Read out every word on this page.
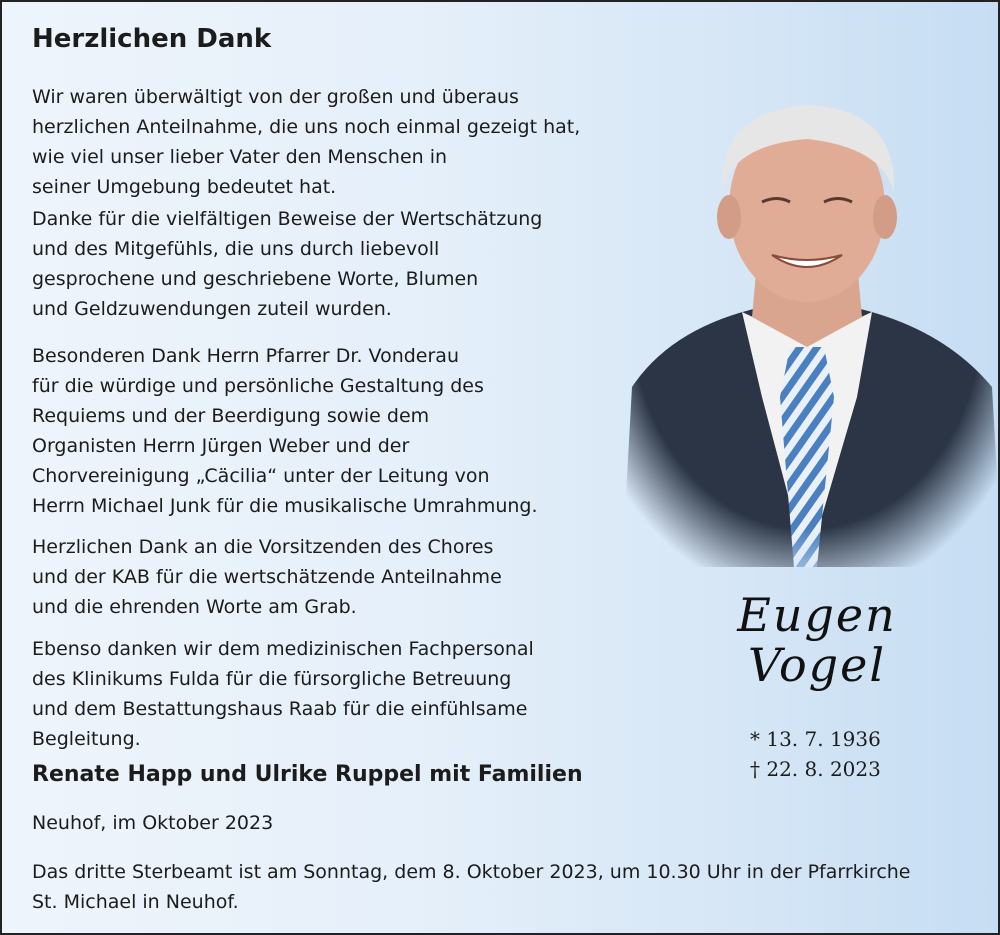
Herzlichen Dank
Wir waren überwältigt von der großen und überaus
herzlichen Anteilnahme, die uns noch einmal gezeigt hat,
wie viel unser lieber Vater den Menschen in
seiner Umgebung bedeutet hat.
Danke für die vielfältigen Beweise der Wertschätzung
und des Mitgefühls, die uns durch liebevoll
gesprochene und geschriebene Worte, Blumen
und Geldzuwendungen zuteil wurden.
Besonderen Dank Herrn Pfarrer Dr. Vonderau
für die würdige und persönliche Gestaltung des
Requiems und der Beerdigung sowie dem
Organisten Herrn Jürgen Weber und der
Chorvereinigung „Cäcilia“ unter der Leitung von
Herrn Michael Junk für die musikalische Umrahmung.
Herzlichen Dank an die Vorsitzenden des Chores
und der KAB für die wertschätzende Anteilnahme
und die ehrenden Worte am Grab.
Ebenso danken wir dem medizinischen Fachpersonal
des Klinikums Fulda für die fürsorgliche Betreuung
und dem Bestattungshaus Raab für die einfühlsame
Begleitung.
Renate Happ und Ulrike Ruppel mit Familien
Neuhof, im Oktober 2023
Das dritte Sterbeamt ist am Sonntag, dem 8. Oktober 2023, um 10.30 Uhr in der Pfarrkirche
St. Michael in Neuhof.
Eugen
Vogel
* 13. 7. 1936
† 22. 8. 2023
